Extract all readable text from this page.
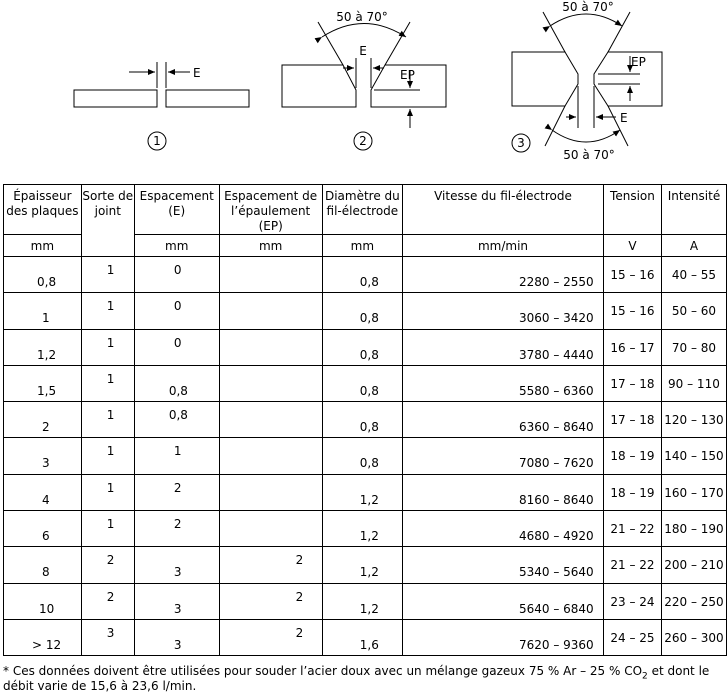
E
1
50 à 70°
E
EP
2
50 à 70°
50 à 70°
E
EP
3
Épaisseur des plaques	Sorte de joint	Espacement (E)	Espacement de l’épaulement (EP)	Diamètre du fil-électrode	Vitesse du fil-électrode	Tension	Intensité
mm		mm	mm	mm	mm/min	V	A

0,8	1	0		0,8	2280 – 2550	15 – 16	40 – 55

1	1	0		0,8	3060 – 3420	15 – 16	50 – 60

1,2	1	0		0,8	3780 – 4440	16 – 17	70 – 80

1,5	1	0,8		0,8	5580 – 6360	17 – 18	90 – 110

2	1	0,8		0,8	6360 – 8640	17 – 18	120 – 130

3	1	1		0,8	7080 – 7620	18 – 19	140 – 150

4	1	2		1,2	8160 – 8640	18 – 19	160 – 170

6	1	2		1,2	4680 – 4920	21 – 22	180 – 190

8	2	3	2	1,2	5340 – 5640	21 – 22	200 – 210

10	2	3	2	1,2	5640 – 6840	23 – 24	220 – 250

> 12	3	3	2	1,6	7620 – 9360	24 – 25	260 – 300

* Ces données doivent être utilisées pour souder l’acier doux avec un mélange gazeux 75 % Ar – 25 % $CO_2$ et dont le débit varie de 15,6 à 23,6 l/min.
